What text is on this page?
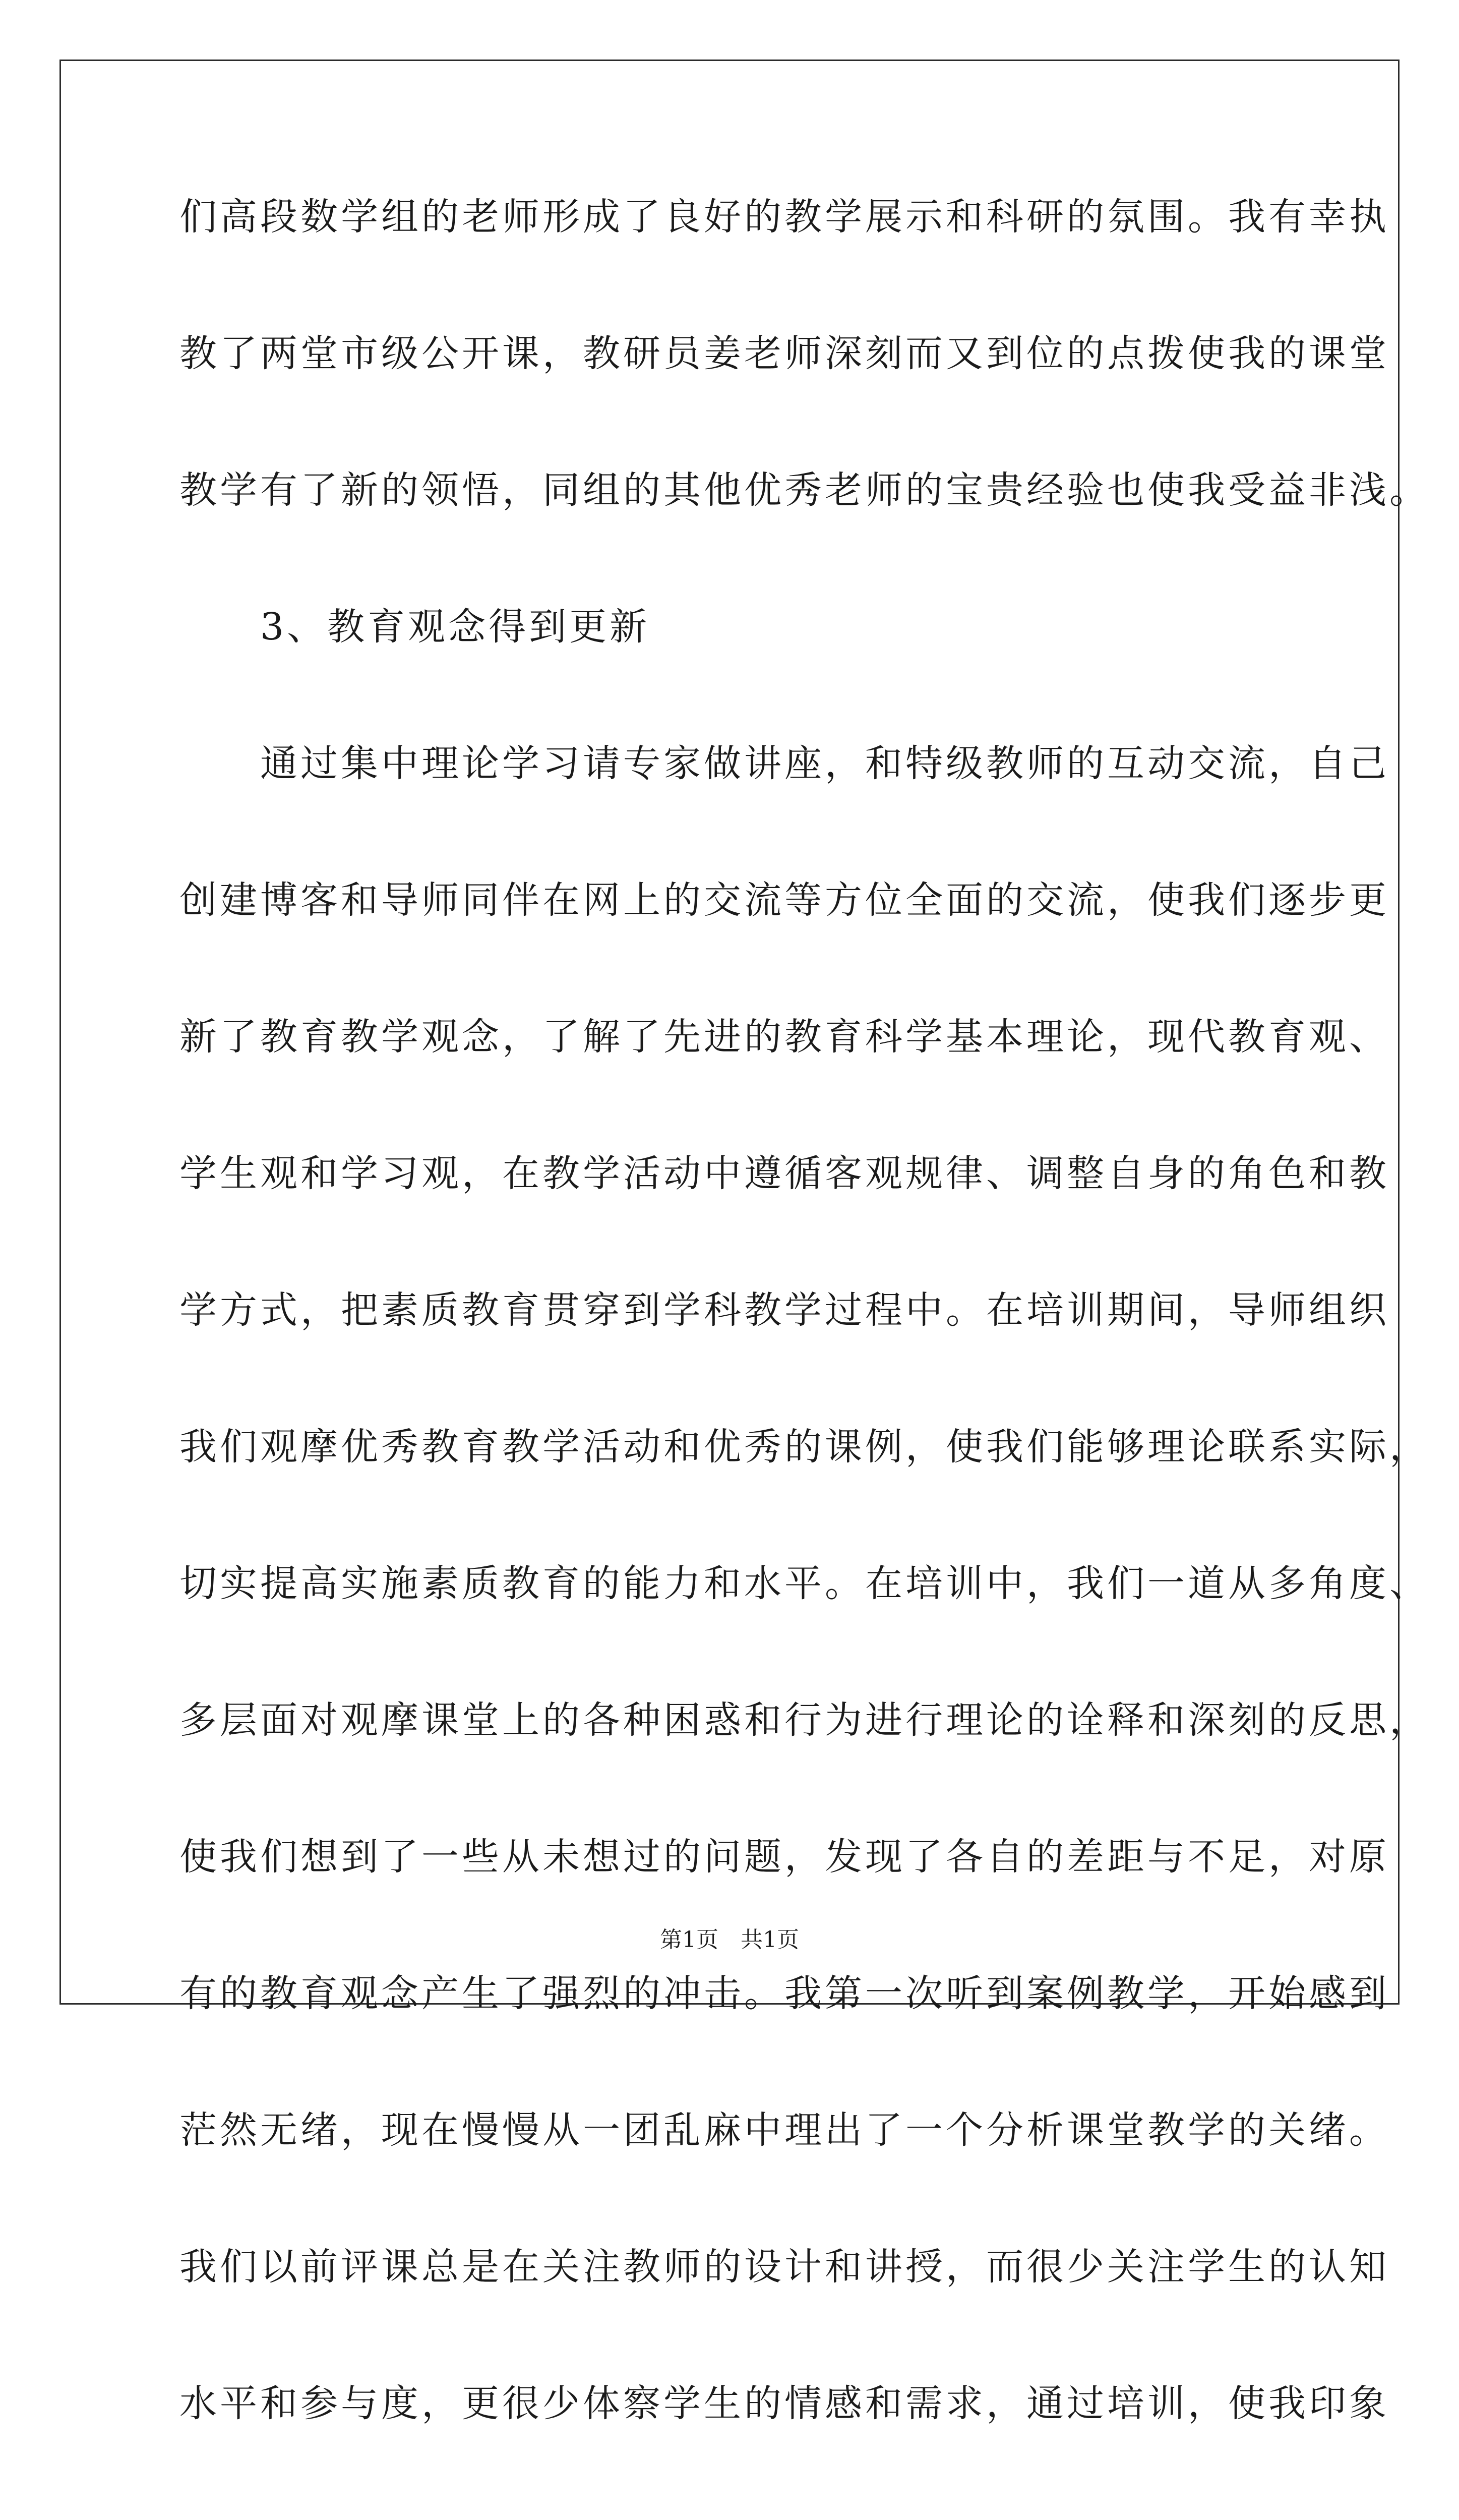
们高段数学组的老师形成了良好的教学展示和科研的氛围。我有幸执
教了两堂市级公开课，教研员姜老师深刻而又到位的点拨使我的课堂
教学有了新的领悟，同组的其他优秀老师的宝贵经验也使我受益非浅。
　　3、教育观念得到更新
　　通过集中理论学习请专家做讲座，和特级教师的互动交流，自己
创建博客和导师同伴在网上的交流等方位全面的交流，使我们逐步更
新了教育教学观念，了解了先进的教育科学基本理论，现代教育观、
学生观和学习观，在教学活动中遵循客观规律、调整自身的角色和教
学方式，把素质教育贯穿到学科教学过程中。在培训期间，导师组织
我们观摩优秀教育教学活动和优秀的课例，使我们能够理论联系实际，
切实提高实施素质教育的能力和水平。在培训中，我们一道从多角度、
多层面对观摩课堂上的各种困惑和行为进行理论的诠释和深刻的反思，
使我们想到了一些从未想过的问题，发现了各自的差距与不足，对原
有的教育观念产生了强烈的冲击。我第一次听到案例教学，开始感到
茫然无绪，现在慢慢从一团乱麻中理出了一个分析课堂教学的关绪。
我们以前评课总是在关注教师的设计和讲授，而很少关注学生的认知
水平和参与度，更很少体察学生的情感和需求，通过培训，使我印象
第1页　共1页
